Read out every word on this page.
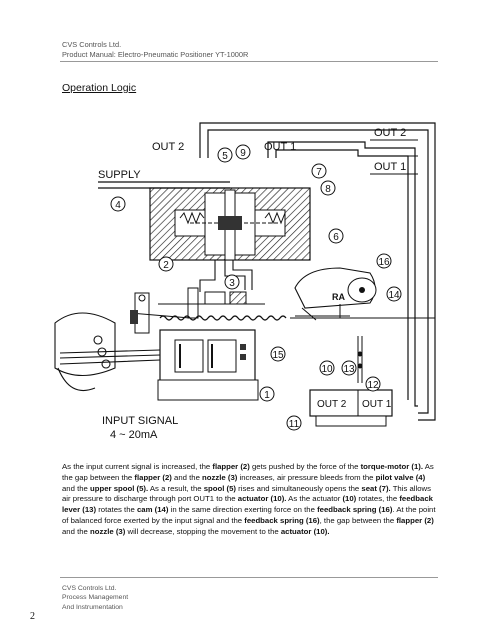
CVS Controls Ltd.
Product Manual: Electro-Pneumatic Positioner YT-1000R
Operation Logic
OUT 2	OUT 1
OUT 2
OUT 1
SUPPLY
INPUT SIGNAL
4 ~ 20mA
RA
OUT 2 OUT 1
5 9
7
8
4
6
2
3
16
14
15
10 13
12
1
11
As the input current signal is increased, the flapper (2) gets pushed by the force of the torque-motor (1). As the gap between the flapper (2) and the nozzle (3) increases, air pressure bleeds from the pilot valve (4) and the upper spool (5). As a result, the spool (5) rises and simultaneously opens the seat (7). This allows air pressure to discharge through port OUT1 to the actuator (10). As the actuator (10) rotates, the feedback lever (13) rotates the cam (14) in the same direction exerting force on the feedback spring (16). At the point of balanced force exerted by the input signal and the feedback spring (16), the gap between the flapper (2) and the nozzle (3) will decrease, stopping the movement to the actuator (10).
CVS Controls Ltd.
Process Management
And Instrumentation
2
